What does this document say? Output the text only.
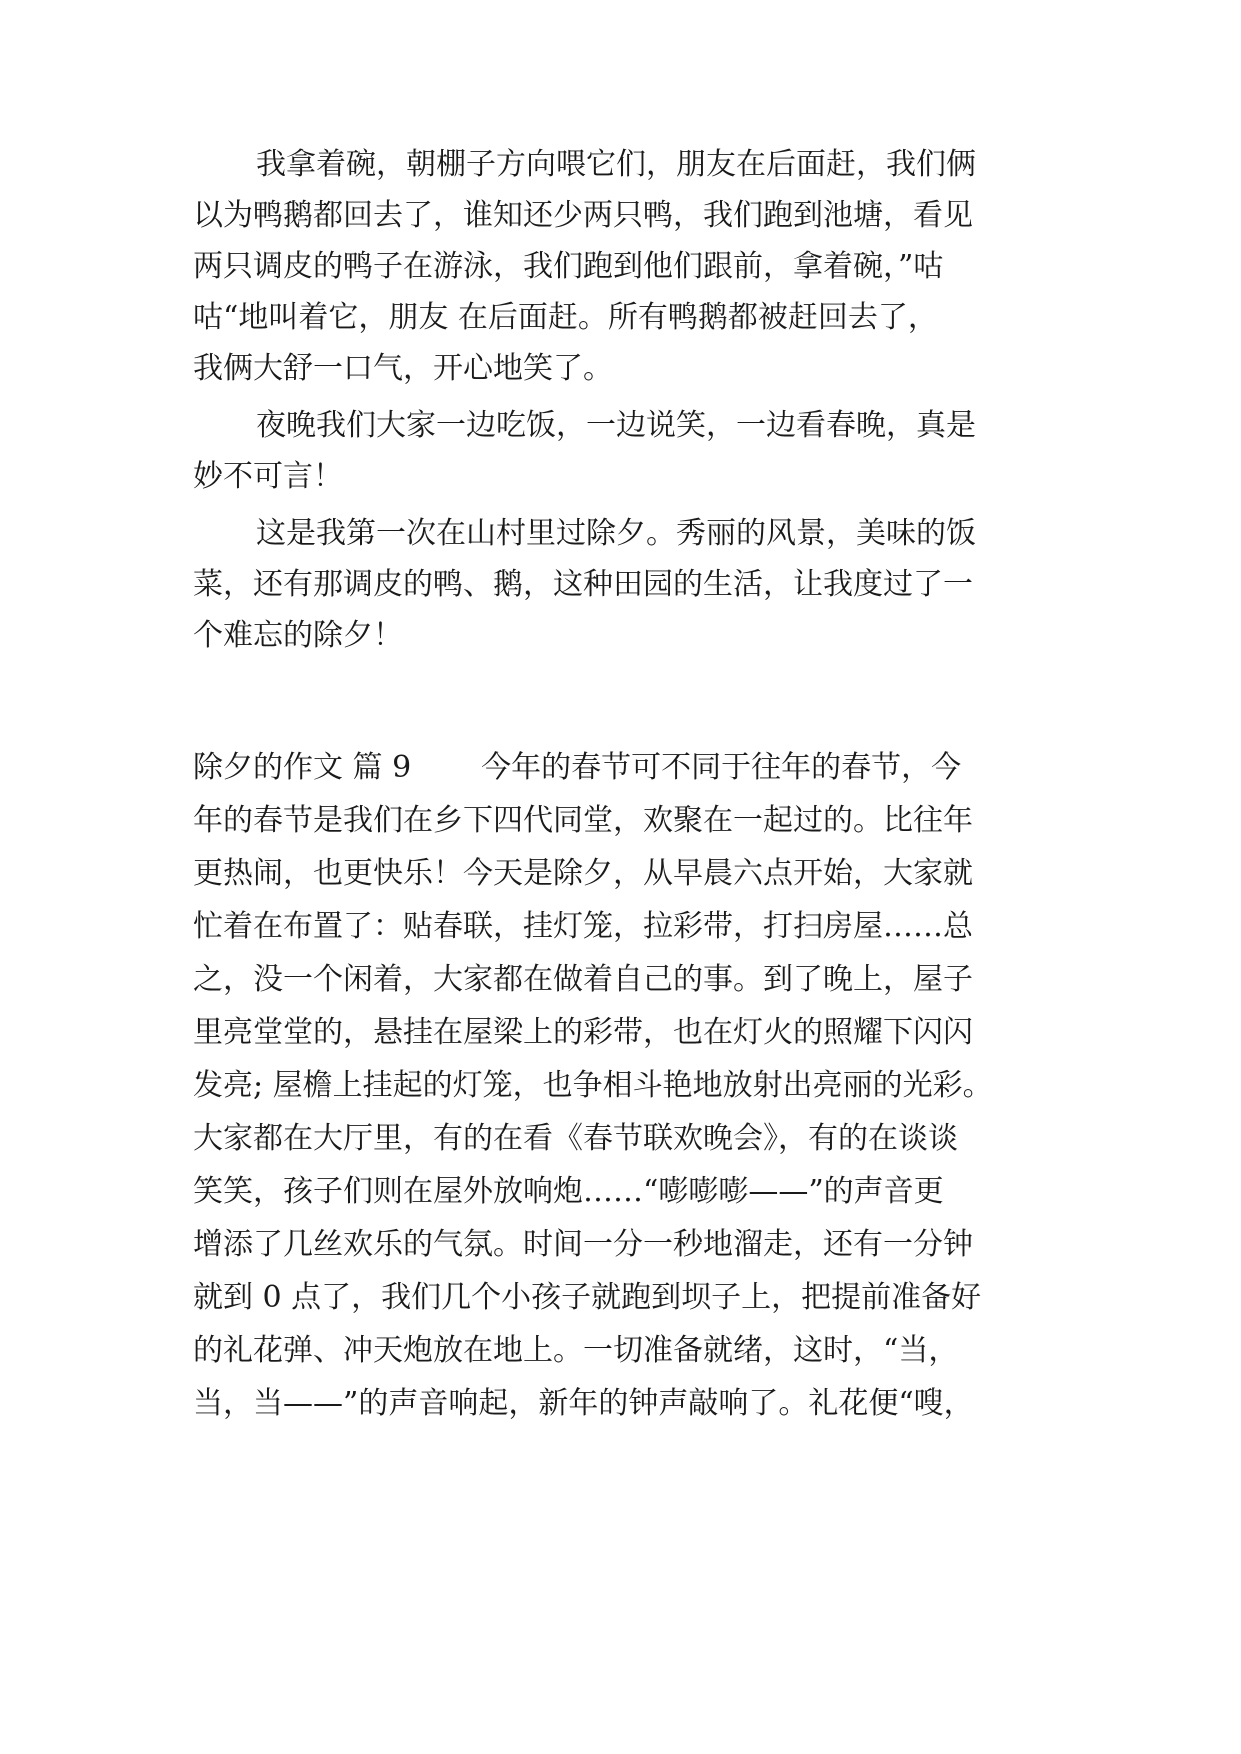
我拿着碗，朝棚子方向喂它们，朋友在后面赶，我们俩
以为鸭鹅都回去了，谁知还少两只鸭，我们跑到池塘，看见
两只调皮的鸭子在游泳，我们跑到他们跟前，拿着碗，”咕
咕“地叫着它，朋友 在后面赶。所有鸭鹅都被赶回去了，
我俩大舒一口气，开心地笑了。
夜晚我们大家一边吃饭，一边说笑，一边看春晚，真是
妙不可言！
这是我第一次在山村里过除夕。秀丽的风景，美味的饭
菜，还有那调皮的鸭、鹅，这种田园的生活，让我度过了一
个难忘的除夕！
除夕的作文 篇 9 今年的春节可不同于往年的春节，今
年的春节是我们在乡下四代同堂，欢聚在一起过的。比往年
更热闹，也更快乐！今天是除夕，从早晨六点开始，大家就
忙着在布置了：贴春联，挂灯笼，拉彩带，打扫房屋……总
之，没一个闲着，大家都在做着自己的事。到了晚上，屋子
里亮堂堂的，悬挂在屋梁上的彩带，也在灯火的照耀下闪闪
发亮; 屋檐上挂起的灯笼，也争相斗艳地放射出亮丽的光彩。
大家都在大厅里，有的在看《春节联欢晚会》，有的在谈谈
笑笑，孩子们则在屋外放响炮……“嘭嘭嘭——”的声音更
增添了几丝欢乐的气氛。时间一分一秒地溜走，还有一分钟
就到 0 点了，我们几个小孩子就跑到坝子上，把提前准备好
的礼花弹、冲天炮放在地上。一切准备就绪，这时，“当，
当，当——”的声音响起，新年的钟声敲响了。礼花便“嗖，
